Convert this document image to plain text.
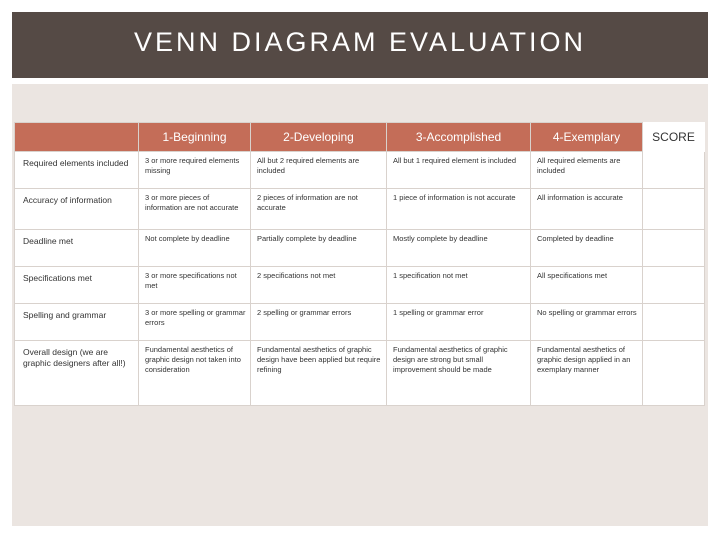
VENN DIAGRAM EVALUATION
	1-Beginning	2-Developing	3-Accomplished	4-Exemplary	SCORE
Required elements included	3 or more required elements missing	All but 2 required elements are included	All but 1 required element is included	All required elements are included	
Accuracy of information	3 or more pieces of information are not accurate	2 pieces of information are not accurate	1 piece of information is not accurate	All information is accurate	
Deadline met	Not complete by deadline	Partially complete by deadline	Mostly complete by deadline	Completed by deadline	
Specifications met	3 or more specifications not met	2 specifications not met	1 specification not met	All specifications met	
Spelling and grammar	3 or more spelling or grammar errors	2 spelling or grammar errors	1 spelling or grammar error	No spelling or grammar errors	
Overall design (we are graphic designers after all!)	Fundamental aesthetics of graphic design not taken into consideration	Fundamental aesthetics of graphic design have been applied but require refining	Fundamental aesthetics of graphic design are strong but small improvement should be made	Fundamental aesthetics of graphic design applied in an exemplary manner	
